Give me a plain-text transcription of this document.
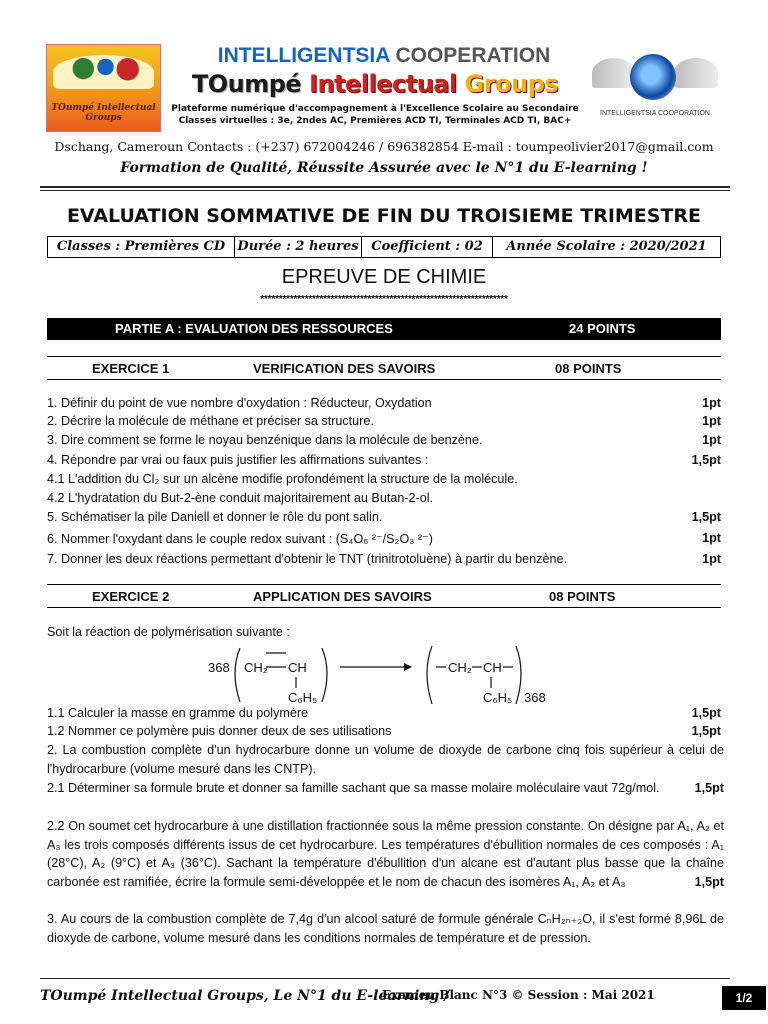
TOumpé Intellectual Groups	INTELLIGENTSIA COOPORATION
INTELLIGENTSIA COOPERATION
TOumpé Intellectual Groups
Plateforme numérique d'accompagnement à l'Excellence Scolaire au Secondaire
Classes virtuelles : 3e, 2ndes AC, Premières ACD TI, Terminales ACD TI, BAC+
Dschang, Cameroun Contacts : (+237) 672004246 / 696382854 E-mail : toumpeolivier2017@gmail.com
Formation de Qualité, Réussite Assurée avec le N°1 du E-learning !
EVALUATION SOMMATIVE DE FIN DU TROISIEME TRIMESTRE
Classes : Premières CD Durée : 2 heures Coefficient : 02	Année Scolaire : 2020/2021
EPREUVE DE CHIMIE
*******************************************************************
PARTIE A : EVALUATION DES RESSOURCES	24 POINTS
EXERCICE 1	VERIFICATION DES SAVOIRS	08 POINTS
1. Définir du point de vue nombre d'oxydation : Réducteur, Oxydation	1pt
2. Décrire la molécule de méthane et préciser sa structure.	1pt
3. Dire comment se forme le noyau benzénique dans la molécule de benzène.	1pt
4. Répondre par vrai ou faux puis justifier les affirmations suivantes :	1,5pt
4.1 L'addition du Cl₂ sur un alcène modifie profondément la structure de la molécule.
4.2 L'hydratation du But-2-ène conduit majoritairement au Butan-2-ol.
5. Schématiser la pile Daniell et donner le rôle du pont salin.	1,5pt
6. Nommer l'oxydant dans le couple redox suivant : (S₄O₆ ²⁻/S₂O₃ ²⁻)	1pt
7. Donner les deux réactions permettant d'obtenir le TNT (trinitrotoluène) à partir du benzène.	1pt
EXERCICE 2	APPLICATION DES SAVOIRS	08 POINTS
Soit la réaction de polymérisation suivante :
368 CH₂ CH
C₆H₅
CH₂ CH
C₆H₅ 368
1.1 Calculer la masse en gramme du polymère	1,5pt
1.2 Nommer ce polymère puis donner deux de ses utilisations	1,5pt
2. La combustion complète d'un hydrocarbure donne un volume de dioxyde de carbone cinq fois supérieur à celui de l'hydrocarbure (volume mesuré dans les CNTP).
2.1 Déterminer sa formule brute et donner sa famille sachant que sa masse molaire moléculaire vaut 72g/mol.	1,5pt
2.2 On soumet cet hydrocarbure à une distillation fractionnée sous la même pression constante. On désigne par A₁, A₂ et A₃ les trois composés différents issus de cet hydrocarbure. Les températures d'ébullition normales de ces composés : A₁ (28°C), A₂ (9°C) et A₃ (36°C). Sachant la température d'ébullition d'un alcane est d'autant plus basse que la chaîne carbonée est ramifiée, écrire la formule semi-développée et le nom de chacun des isomères A₁, A₂ et A₃	1,5pt
3. Au cours de la combustion complète de 7,4g d'un alcool saturé de formule générale CₙH₂ₙ₊₂O, il s'est formé 8,96L de dioxyde de carbone, volume mesuré dans les conditions normales de température et de pression.
TOumpé Intellectual Groups, Le N°1 du E-learning /
Examen Blanc N°3 © Session : Mai 2021	1/2
